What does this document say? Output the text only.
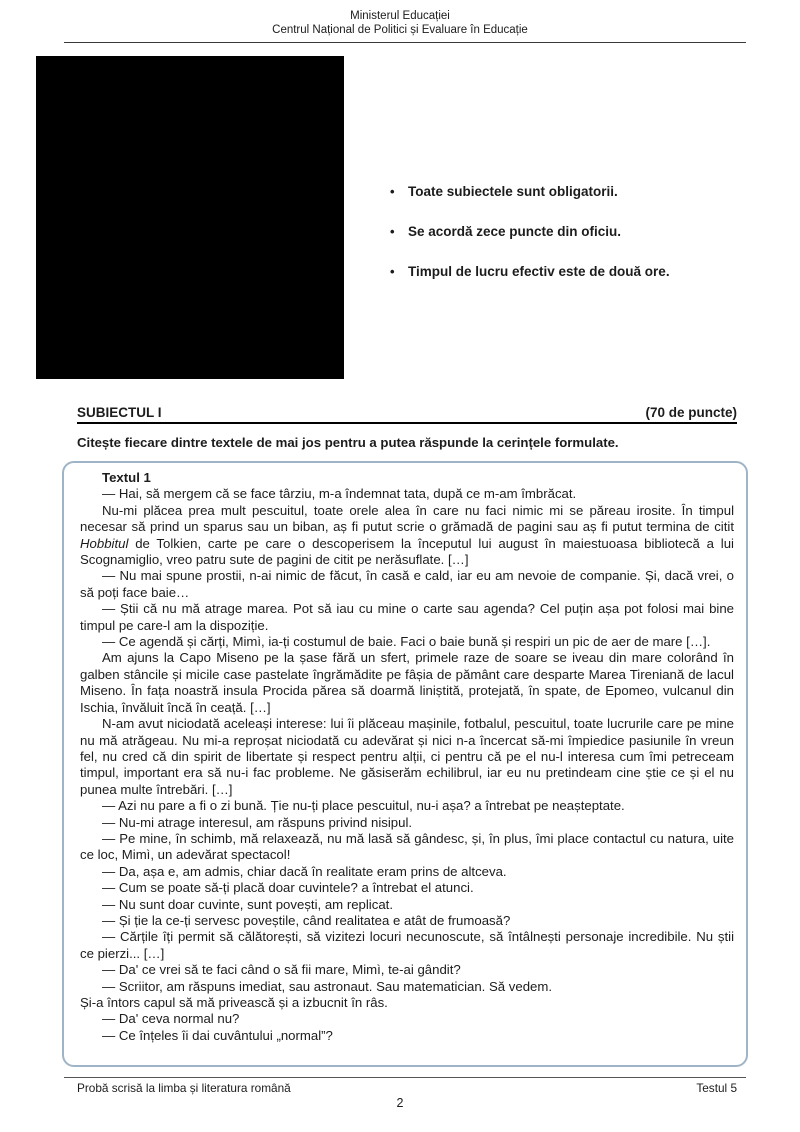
Ministerul Educației
Centrul Național de Politici și Evaluare în Educație
• Toate subiectele sunt obligatorii.
• Se acordă zece puncte din oficiu.
• Timpul de lucru efectiv este de două ore.
SUBIECTUL I	(70 de puncte)
Citește fiecare dintre textele de mai jos pentru a putea răspunde la cerințele formulate.
Textul 1
— Hai, să mergem că se face târziu, m-a îndemnat tata, după ce m-am îmbrăcat.
Nu-mi plăcea prea mult pescuitul, toate orele alea în care nu faci nimic mi se păreau irosite. În timpul necesar să prind un sparus sau un biban, aș fi putut scrie o grămadă de pagini sau aș fi putut termina de citit Hobbitul de Tolkien, carte pe care o descoperisem la începutul lui august în maiestuoasa bibliotecă a lui Scognamiglio, vreo patru sute de pagini de citit pe nerăsuflate. […]
— Nu mai spune prostii, n-ai nimic de făcut, în casă e cald, iar eu am nevoie de companie. Și, dacă vrei, o să poți face baie…
— Știi că nu mă atrage marea. Pot să iau cu mine o carte sau agenda? Cel puțin așa pot folosi mai bine timpul pe care-l am la dispoziție.
— Ce agendă și cărți, Mimì, ia-ți costumul de baie. Faci o baie bună și respiri un pic de aer de mare […].
Am ajuns la Capo Miseno pe la șase fără un sfert, primele raze de soare se iveau din mare colorând în galben stâncile și micile case pastelate îngrămădite pe fâșia de pământ care desparte Marea Tireniană de lacul Miseno. În fața noastră insula Procida părea să doarmă liniștită, protejată, în spate, de Epomeo, vulcanul din Ischia, învăluit încă în ceață. […]
N-am avut niciodată aceleași interese: lui îi plăceau mașinile, fotbalul, pescuitul, toate lucrurile care pe mine nu mă atrăgeau. Nu mi-a reproșat niciodată cu adevărat și nici n-a încercat să-mi împiedice pasiunile în vreun fel, nu cred că din spirit de libertate și respect pentru alții, ci pentru că pe el nu-l interesa cum îmi petreceam timpul, important era să nu-i fac probleme. Ne găsiserăm echilibrul, iar eu nu pretindeam cine știe ce și el nu punea multe întrebări. […]
— Azi nu pare a fi o zi bună. Ție nu-ți place pescuitul, nu-i așa? a întrebat pe neașteptate.
— Nu-mi atrage interesul, am răspuns privind nisipul.
— Pe mine, în schimb, mă relaxează, nu mă lasă să gândesc, și, în plus, îmi place contactul cu natura, uite ce loc, Mimì, un adevărat spectacol!
— Da, așa e, am admis, chiar dacă în realitate eram prins de altceva.
— Cum se poate să-ți placă doar cuvintele? a întrebat el atunci.
— Nu sunt doar cuvinte, sunt povești, am replicat.
— Și ție la ce-ți servesc poveștile, când realitatea e atât de frumoasă?
— Cărțile îți permit să călătorești, să vizitezi locuri necunoscute, să întâlnești personaje incredibile. Nu știi ce pierzi... […]
— Da' ce vrei să te faci când o să fii mare, Mimì, te-ai gândit?
— Scriitor, am răspuns imediat, sau astronaut. Sau matematician. Să vedem.
Și-a întors capul să mă privească și a izbucnit în râs.
— Da' ceva normal nu?
— Ce înțeles îi dai cuvântului „normal”?
Probă scrisă la limba și literatura română	Testul 5
2
